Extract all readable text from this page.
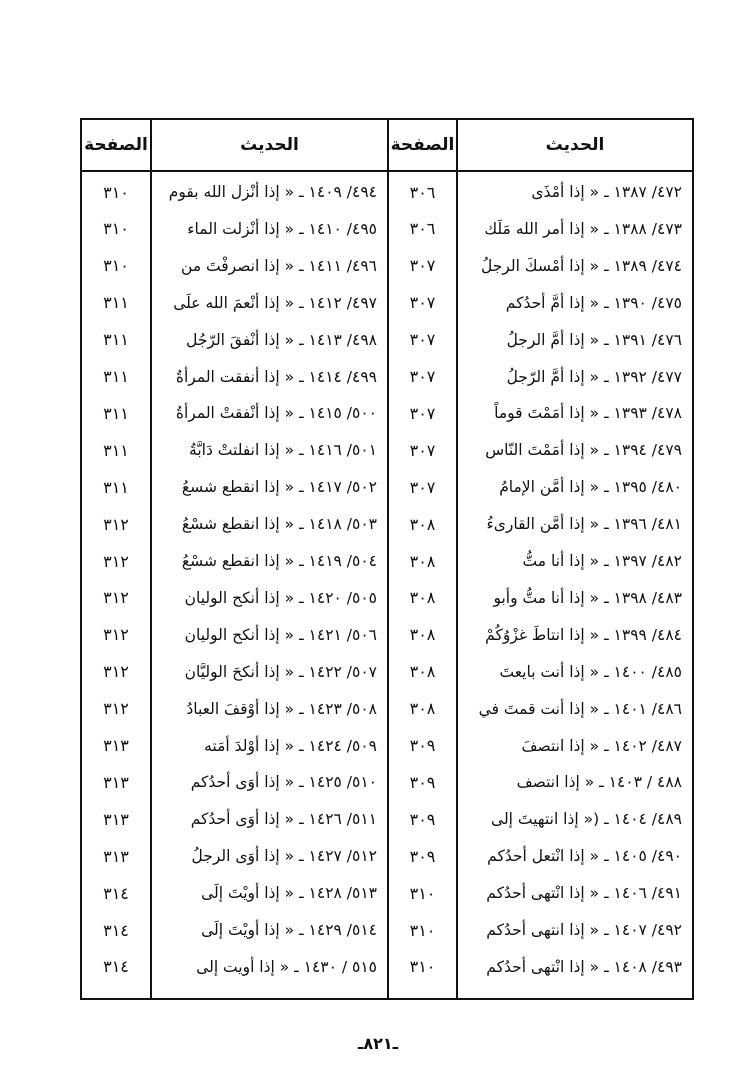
الحديث
الصفحة
الحديث
الصفحة
٤٧٢/ ١٣٨٧ ـ « إذا أمْذَى
٣٠٦
٤٩٤/ ١٤٠٩ ـ « إذا أنْزل الله بقوم
٣١٠
٤٧٣/ ١٣٨٨ ـ « إذا أمر الله مَلَك
٣٠٦
٤٩٥/ ١٤١٠ ـ « إذا أنْزلت الماء
٣١٠
٤٧٤/ ١٣٨٩ ـ « إذا أمْسكَ الرجلُ
٣٠٧
٤٩٦/ ١٤١١ ـ « إذا انصرفْتَ من
٣١٠
٤٧٥/ ١٣٩٠ ـ « إذا أمَّ أحدُكم
٣٠٧
٤٩٧/ ١٤١٢ ـ « إذا أنْعمَ الله علَى
٣١١
٤٧٦/ ١٣٩١ ـ « إذا أمَّ الرجلُ
٣٠٧
٤٩٨/ ١٤١٣ ـ « إذا أنْفقَ الرّجُل
٣١١
٤٧٧/ ١٣٩٢ ـ « إذا أمَّ الرّجلُ
٣٠٧
٤٩٩/ ١٤١٤ ـ « إذا أنفقت المرأةُ
٣١١
٤٧٨/ ١٣٩٣ ـ « إذا أمَمْتَ قوماً
٣٠٧
٥٠٠/ ١٤١٥ ـ « إذا أنْفقتْ المرأةُ
٣١١
٤٧٩/ ١٣٩٤ ـ « إذا أمَمْتَ النّاس
٣٠٧
٥٠١/ ١٤١٦ ـ « إذا انفلتتْ دَابَّةُ
٣١١
٤٨٠/ ١٣٩٥ ـ « إذا أمَّن الإمامُ
٣٠٧
٥٠٢/ ١٤١٧ ـ « إذا انقطع شسعُ
٣١١
٤٨١/ ١٣٩٦ ـ « إذا أمَّن القارىءُ
٣٠٨
٥٠٣/ ١٤١٨ ـ « إذا انقطع شسْعُ
٣١٢
٤٨٢/ ١٣٩٧ ـ « إذا أنا متُّ
٣٠٨
٥٠٤/ ١٤١٩ ـ « إذا انقطع شسْعُ
٣١٢
٤٨٣/ ١٣٩٨ ـ « إذا أنا متُّ وأبو
٣٠٨
٥٠٥/ ١٤٢٠ ـ « إذا أنكح الوليان
٣١٢
٤٨٤/ ١٣٩٩ ـ « إذا انتاطَ غزْوُكُمْ
٣٠٨
٥٠٦/ ١٤٢١ ـ « إذا أنكح الوليان
٣١٢
٤٨٥/ ١٤٠٠ ـ « إذا أنت بايعتَ
٣٠٨
٥٠٧/ ١٤٢٢ ـ « إذا أنكحَ الوليَّان
٣١٢
٤٨٦/ ١٤٠١ ـ « إذا أنت قمتَ في
٣٠٨
٥٠٨/ ١٤٢٣ ـ « إذا أوْقفَ العبادُ
٣١٢
٤٨٧/ ١٤٠٢ ـ « إذا انتصفَ
٣٠٩
٥٠٩/ ١٤٢٤ ـ « إذا أوْلدَ أمَته
٣١٣
٤٨٨ / ١٤٠٣ ـ « إذا انتصف
٣٠٩
٥١٠/ ١٤٢٥ ـ « إذا أوَى أحدُكم
٣١٣
٤٨٩/ ١٤٠٤ ـ (« إذا انتهيتَ إلى
٣٠٩
٥١١/ ١٤٢٦ ـ « إذا أوَى أحدُكم
٣١٣
٤٩٠/ ١٤٠٥ ـ « إذا انْتعل أحدُكم
٣٠٩
٥١٢/ ١٤٢٧ ـ « إذا أوَى الرجلُ
٣١٣
٤٩١/ ١٤٠٦ ـ « إذا انْتهى أحدُكم
٣١٠
٥١٣/ ١٤٢٨ ـ « إذا أويْتَ إلَى
٣١٤
٤٩٢/ ١٤٠٧ ـ « إذا انتهى أحدُكم
٣١٠
٥١٤/ ١٤٢٩ ـ « إذا أويْتَ إلَى
٣١٤
٤٩٣/ ١٤٠٨ ـ « إذا انْتهى أحدُكم
٣١٠
٥١٥ / ١٤٣٠ ـ « إذا أويت إلى
٣١٤
ـ٨٢١ـ
